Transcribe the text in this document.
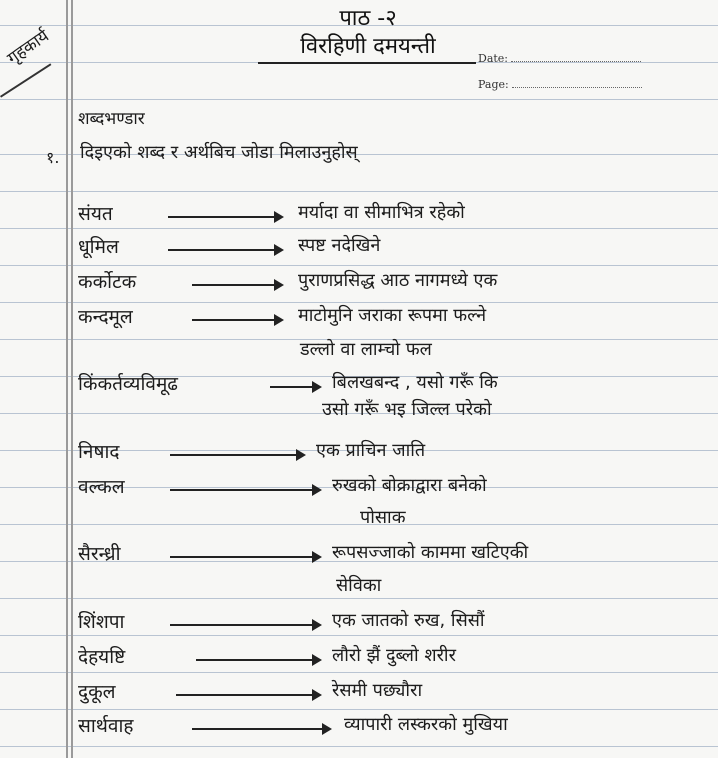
गृहकार्य
पाठ -२
विरहिणी दमयन्ती	Date:
Page:
शब्दभण्डार
१. दिइएको शब्द र अर्थबिच जोडा मिलाउनुहोस्
संयत	मर्यादा वा सीमाभित्र रहेको
धूमिल	स्पष्ट नदेखिने
कर्कोटक	पुराणप्रसिद्ध आठ नागमध्ये एक
कन्दमूल	माटोमुनि जराका रूपमा फल्ने
डल्लो वा लाम्चो फल
किंकर्तव्यविमूढ	बिलखबन्द , यसो गरूँ कि
उसो गरूँ भइ जिल्ल परेको
निषाद	एक प्राचिन जाति
वल्कल	रुखको बोक्राद्वारा बनेको
पोसाक
सैरन्ध्री	रूपसज्जाको काममा खटिएकी
सेविका
शिंशपा	एक जातको रुख, सिसौं
देहयष्टि	लौरो झैं दुब्लो शरीर
दुकूल	रेसमी पछ्यौरा
सार्थवाह	व्यापारी लस्करको मुखिया
